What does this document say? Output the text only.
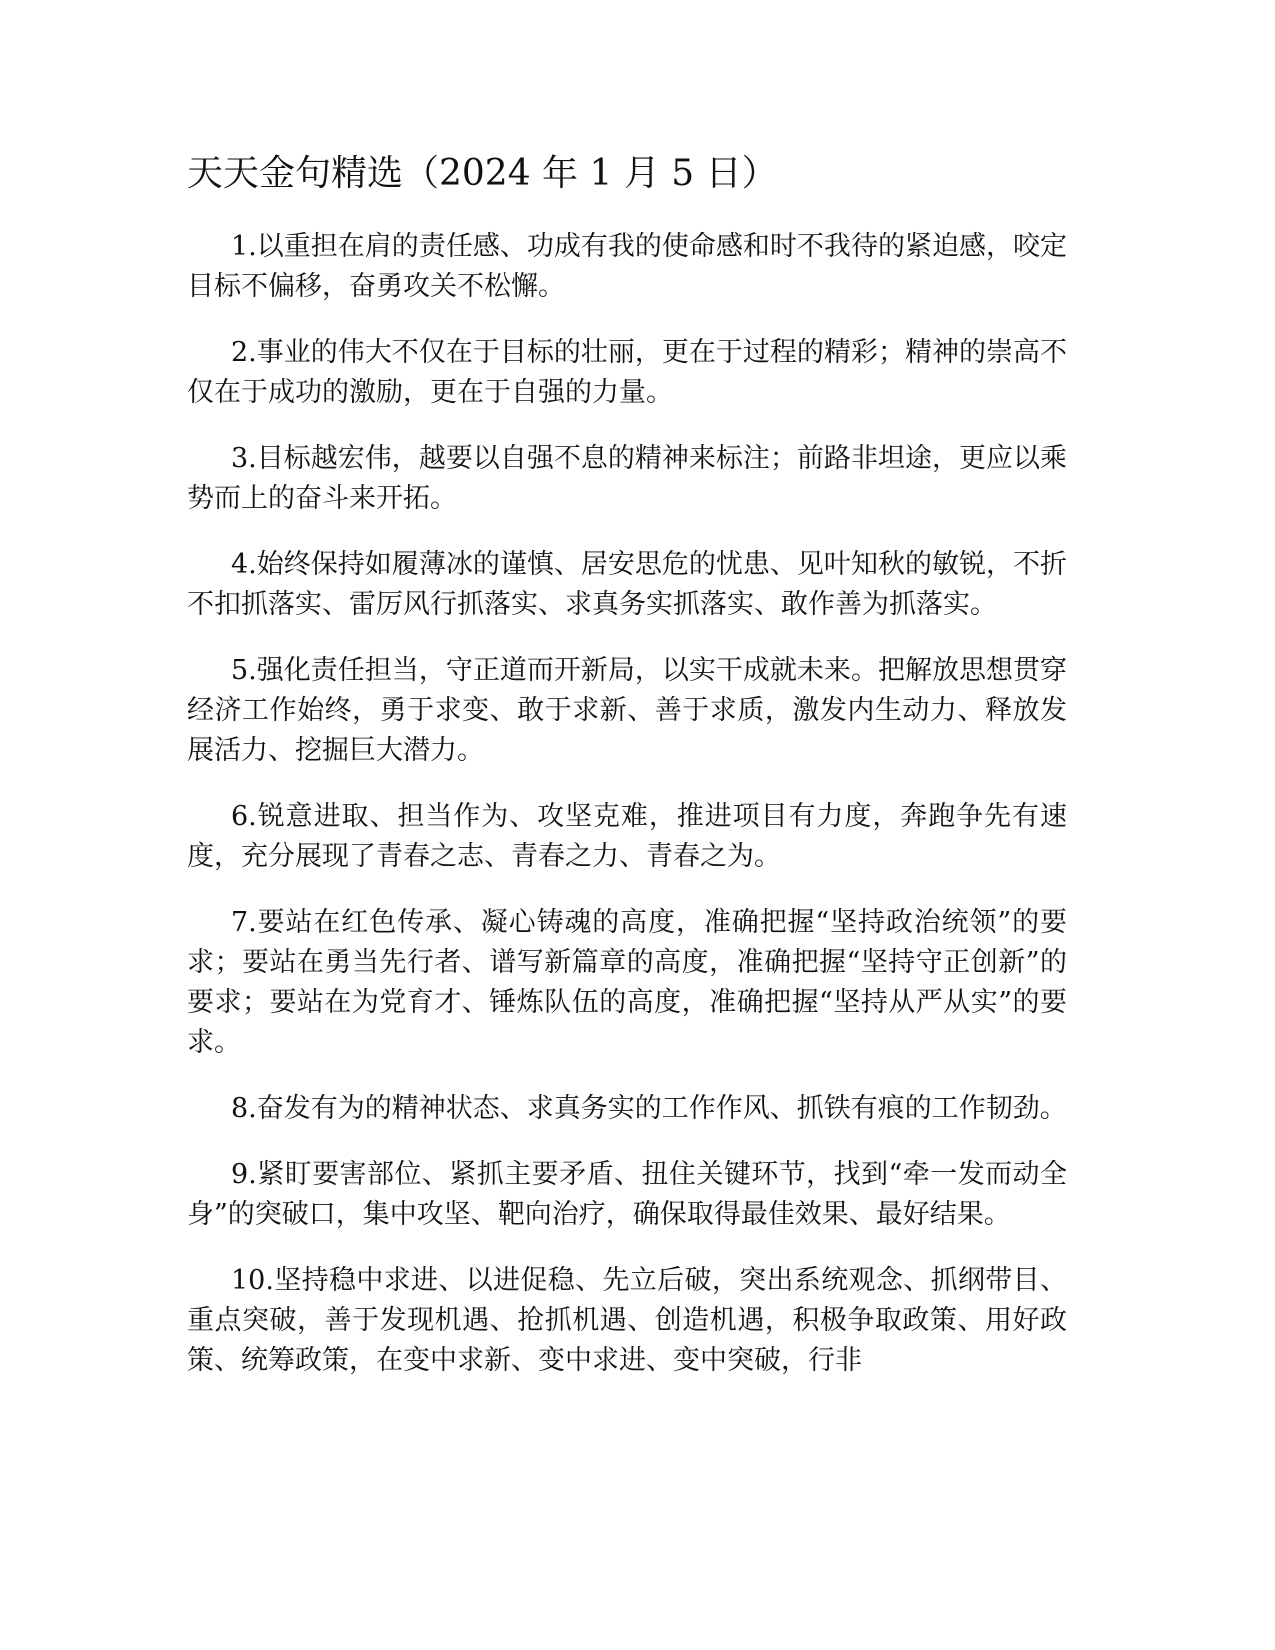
天天金句精选（2024 年 1 月 5 日）

1.以重担在肩的责任感、功成有我的使命感和时不我待的紧迫感，咬定目标不偏移，奋勇攻关不松懈。

2.事业的伟大不仅在于目标的壮丽，更在于过程的精彩；精神的崇高不仅在于成功的激励，更在于自强的力量。

3.目标越宏伟，越要以自强不息的精神来标注；前路非坦途，更应以乘势而上的奋斗来开拓。

4.始终保持如履薄冰的谨慎、居安思危的忧患、见叶知秋的敏锐，不折不扣抓落实、雷厉风行抓落实、求真务实抓落实、敢作善为抓落实。

5.强化责任担当，守正道而开新局，以实干成就未来。把解放思想贯穿经济工作始终，勇于求变、敢于求新、善于求质，激发内生动力、释放发展活力、挖掘巨大潜力。

6.锐意进取、担当作为、攻坚克难，推进项目有力度，奔跑争先有速度，充分展现了青春之志、青春之力、青春之为。

7.要站在红色传承、凝心铸魂的高度，准确把握“坚持政治统领”的要求；要站在勇当先行者、谱写新篇章的高度，准确把握“坚持守正创新”的要求；要站在为党育才、锤炼队伍的高度，准确把握“坚持从严从实”的要求。

8.奋发有为的精神状态、求真务实的工作作风、抓铁有痕的工作韧劲。

9.紧盯要害部位、紧抓主要矛盾、扭住关键环节，找到“牵一发而动全身”的突破口，集中攻坚、靶向治疗，确保取得最佳效果、最好结果。

10.坚持稳中求进、以进促稳、先立后破，突出系统观念、抓纲带目、重点突破，善于发现机遇、抢抓机遇、创造机遇，积极争取政策、用好政策、统筹政策，在变中求新、变中求进、变中突破，行非
